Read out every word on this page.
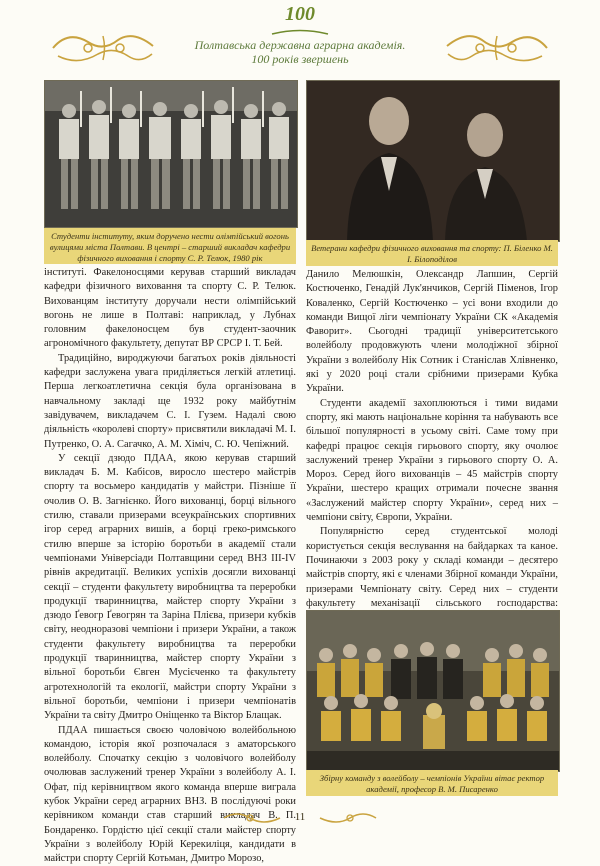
100
Полтавська державна аграрна академія.
100 років звершень
Студенти інституту, яким доручено нести олімпійський вогонь вулицями міста Полтави. В центрі – старший викладач кафедри фізичного виховання і спорту С. Р. Телюк, 1980 рік
Ветерани кафедри фізичного виховання та спорту: П. Біленко М. І. Білоподілов

інституті. Факелоносцями керував старший викладач кафедри фізичного виховання та спорту С. Р. Телюк. Вихованцям інституту доручали нести олімпійський вогонь не лише в Полтаві: наприклад, у Лубнах головним факелоносцем був студент-заочник агрономічного факультету, депутат ВР СРСР І. Т. Бей.

Традиційно, вироджуючи багатьох років діяльності кафедри заслужена увага приділяється легкій атлетиці. Перша легкоатлетична секція була організована в навчальному закладі ще 1932 року майбутнім завідувачем, викладачем С. І. Гузем. Надалі свою діяльність «королеві спорту» присвятили викладачі М. І. Путренко, О. А. Сагачко, А. М. Хіміч, С. Ю. Чепіжний.

У секції дзюдо ПДАА, якою керував старший викладач Б. М. Кабісов, виросло шестеро майстрів спорту та восьмеро кандидатів у майстри. Пізніше її очолив О. В. Загнієнко. Його вихованці, борці вільного стилю, ставали призерами всеукраїнських спортивних ігор серед аграрних вишів, а борці греко-римського стилю вперше за історію боротьби в академії стали чемпіонами Універсіади Полтавщини серед ВНЗ III-IV рівнів акредитації. Великих успіхів досягли вихованці секції – студенти факультету виробництва та переробки продукції тваринництва, майстер спорту України з дзюдо Ґевогр Ґевогрян та Заріна Плієва, призери кубків світу, неодноразові чемпіони і призери України, а також студенти факультету виробництва та переробки продукції тваринництва, майстер спорту України з вільної боротьби Євген Мусієченко та факультету агротехнологій та екології, майстри спорту України з вільної боротьби, чемпіони і призери чемпіонатів України та світу Дмитро Оніщенко та Віктор Блащак.

ПДАА пишається своєю чоловічою волейбольною командою, історія якої розпочалася з аматорського волейболу. Спочатку секцію з чоловічого волейболу очолював заслужений тренер України з волейболу А. І. Офат, під керівництвом якого команда вперше виграла кубок України серед аграрних ВНЗ. В послідуючі роки керівником команди став старший викладач В. П. Бондаренко. Гордістю цієї секції стали майстер спорту України з волейболу Юрій Керекиліця, кандидати в майстри спорту Сергій Котьман, Дмитро Морозо,

Данило Мелюшкін, Олександр Лапшин, Сергій Костюченко, Генадій Лук'янчиков, Сергій Піменов, Ігор Коваленко, Сергій Костюченко – усі вони входили до команди Вищої ліги чемпіонату України СК «Академія Фаворит». Сьогодні традиції університетського волейболу продовжують члени молодіжної збірної України з волейболу Нік Сотник і Станіслав Хлівненко, які у 2020 році стали срібними призерами Кубка України.

Студенти академії захоплюються і тими видами спорту, які мають національне коріння та набувають все більшої популярності в усьому світі. Саме тому при кафедрі працює секція гирьового спорту, яку очолює заслужений тренер України з гирьового спорту О. А. Мороз. Серед його вихованців – 45 майстрів спорту України, шестеро кращих отримали почесне звання «Заслужений майстер спорту України», серед них – чемпіони світу, Європи, України.

Популярністю серед студентської молоді користується секція веслування на байдарках та каное. Починаючи з 2003 року у складі команди – десятеро майстрів спорту, які є членами Збірної команди України, призерами Чемпіонату світу. Серед них – студенти факультету механізації сільського господарства:

Збірну команду з волейболу – чемпіонів України вітає ректор академії, професор В. М. Писаренко
11
